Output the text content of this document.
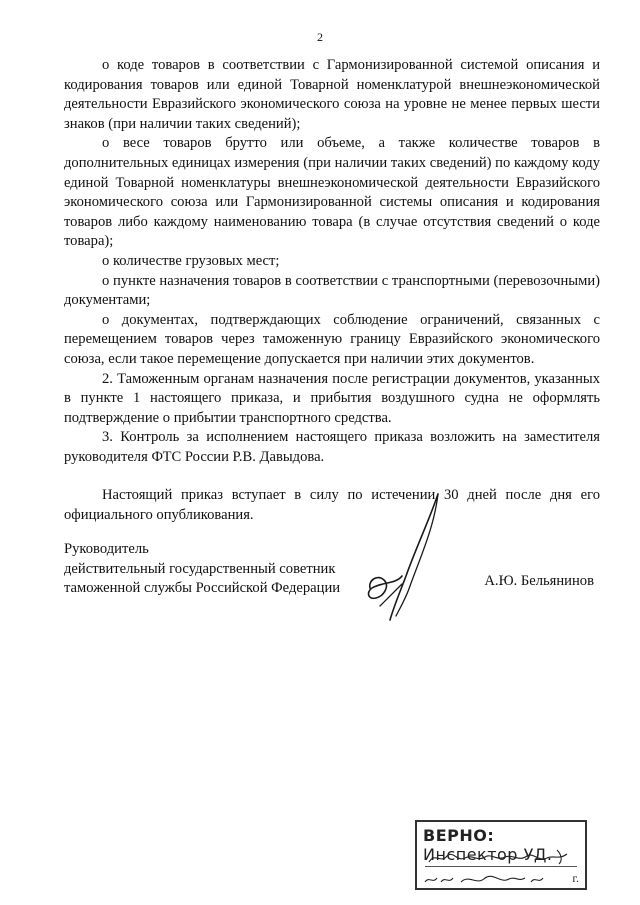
2

о коде товаров в соответствии с Гармонизированной системой описания и кодирования товаров или единой Товарной номенклатурой внешнеэкономической деятельности Евразийского экономического союза на уровне не менее первых шести знаков (при наличии таких сведений);

о весе товаров брутто или объеме, а также количестве товаров в дополнительных единицах измерения (при наличии таких сведений) по каждому коду единой Товарной номенклатуры внешнеэкономической деятельности Евразийского экономического союза или Гармонизированной системы описания и кодирования товаров либо каждому наименованию товара (в случае отсутствия сведений о коде товара);

о количестве грузовых мест;

о пункте назначения товаров в соответствии с транспортными (перевозочными) документами;

о документах, подтверждающих соблюдение ограничений, связанных с перемещением товаров через таможенную границу Евразийского экономического союза, если такое перемещение допускается при наличии этих документов.

2. Таможенным органам назначения после регистрации документов, указанных в пункте 1 настоящего приказа, и прибытия воздушного судна не оформлять подтверждение о прибытии транспортного средства.

3. Контроль за исполнением настоящего приказа возложить на заместителя руководителя ФТС России Р.В. Давыдова.

Настоящий приказ вступает в силу по истечении 30 дней после дня его официального опубликования.

Руководитель
действительный государственный советник
таможенной службы Российской Федерации	А.Ю. Бельянинов
ВЕРНО: Инспектор УД.
г.
